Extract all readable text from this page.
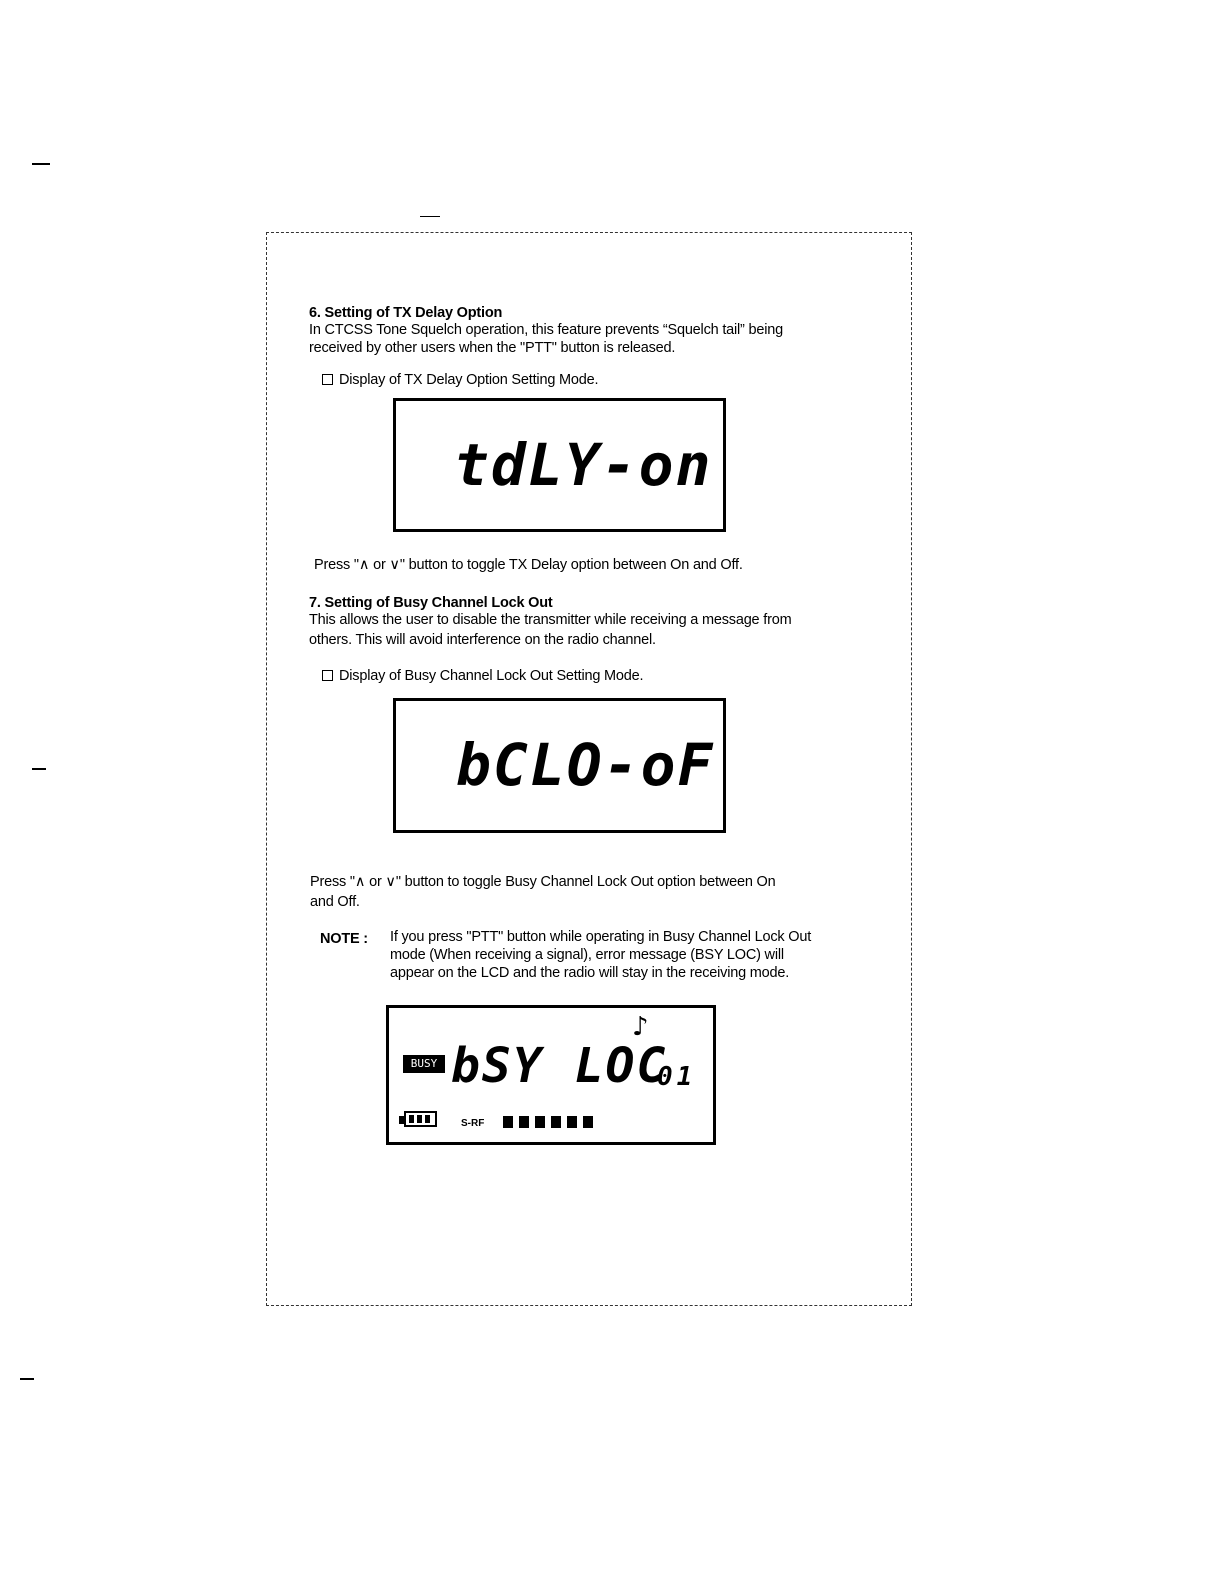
6. Setting of TX Delay Option
In CTCSS Tone Squelch operation, this feature prevents “Squelch tail” being
received by other users when the "PTT" button is released.
Display of TX Delay Option Setting Mode.
tdLY-on
Press "∧ or ∨" button to toggle TX Delay option between On and Off.
7. Setting of Busy Channel Lock Out
This allows the user to disable the transmitter while receiving a message from
others. This will avoid interference on the radio channel.
Display of Busy Channel Lock Out Setting Mode.
bCLO-oF
Press "∧ or ∨" button to toggle Busy Channel Lock Out option between On
and Off.
NOTE : If you press "PTT" button while operating in Busy Channel Lock Out
mode (When receiving a signal), error message (BSY LOC) will
appear on the LCD and the radio will stay in the receiving mode.
♪
BUSY bSY LOC
01
S-RF
